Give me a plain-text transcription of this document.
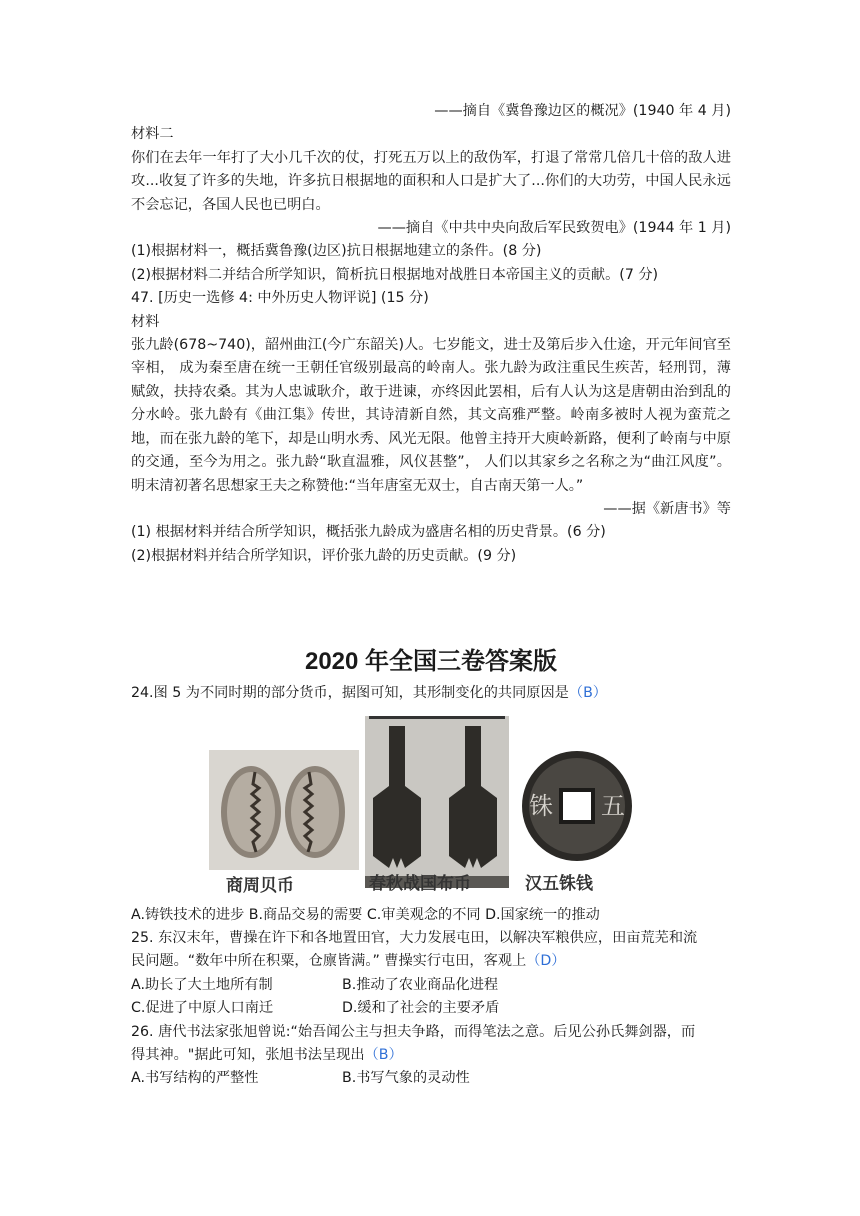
——摘自《冀鲁豫边区的概况》(1940 年 4 月)
材料二
你们在去年一年打了大小几千次的仗，打死五万以上的敌伪军，打退了常常几倍几十倍的敌人进攻...收复了许多的失地，许多抗日根据地的面积和人口是扩大了...你们的大功劳，中国人民永远不会忘记，各国人民也已明白。
——摘自《中共中央向敌后军民致贺电》(1944 年 1 月)
(1)根据材料一，概括冀鲁豫(边区)抗日根据地建立的条件。(8 分)
(2)根据材料二并结合所学知识，简析抗日根据地对战胜日本帝国主义的贡献。(7 分)
47. [历史一选修 4: 中外历史人物评说] (15 分)
材料
张九龄(678~740)，韶州曲江(今广东韶关)人。七岁能文，进士及第后步入仕途，开元年间官至宰相， 成为秦至唐在统一王朝任官级别最高的岭南人。张九龄为政注重民生疾苦，轻刑罚，薄赋敛，扶持农桑。其为人忠诚耿介，敢于进谏，亦终因此罢相，后有人认为这是唐朝由治到乱的分水岭。张九龄有《曲江集》传世，其诗清新自然，其文高雅严整。岭南多被时人视为蛮荒之地，而在张九龄的笔下，却是山明水秀、风光无限。他曾主持开大庾岭新路，便利了岭南与中原的交通，至今为用之。张九龄“耿直温雅，风仪甚整”， 人们以其家乡之名称之为“曲江风度”。明末清初著名思想家王夫之称赞他:“当年唐室无双士，自古南天第一人。”
——据《新唐书》等
(1) 根据材料并结合所学知识，概括张九龄成为盛唐名相的历史背景。(6 分)
(2)根据材料并结合所学知识，评价张九龄的历史贡献。(9 分)
2020 年全国三卷答案版
24.图 5 为不同时期的部分货币，据图可知，其形制变化的共同原因是（B）
商周贝币	春秋战国布币
五
铢
汉五铢钱
A.铸铁技术的进步 B.商品交易的需要 C.审美观念的不同 D.国家统一的推动
25. 东汉末年，曹操在许下和各地置田官，大力发展屯田，以解决军粮供应，田亩荒芜和流
民问题。“数年中所在积粟，仓廪皆满。” 曹操实行屯田，客观上（D）
A.助长了大土地所有制	B.推动了农业商品化进程
C.促进了中原人口南迁	D.缓和了社会的主要矛盾
26. 唐代书法家张旭曾说:“始吾闻公主与担夫争路，而得笔法之意。后见公孙氏舞剑器，而
得其神。"据此可知，张旭书法呈现出（B）
A.书写结构的严整性	B.书写气象的灵动性
